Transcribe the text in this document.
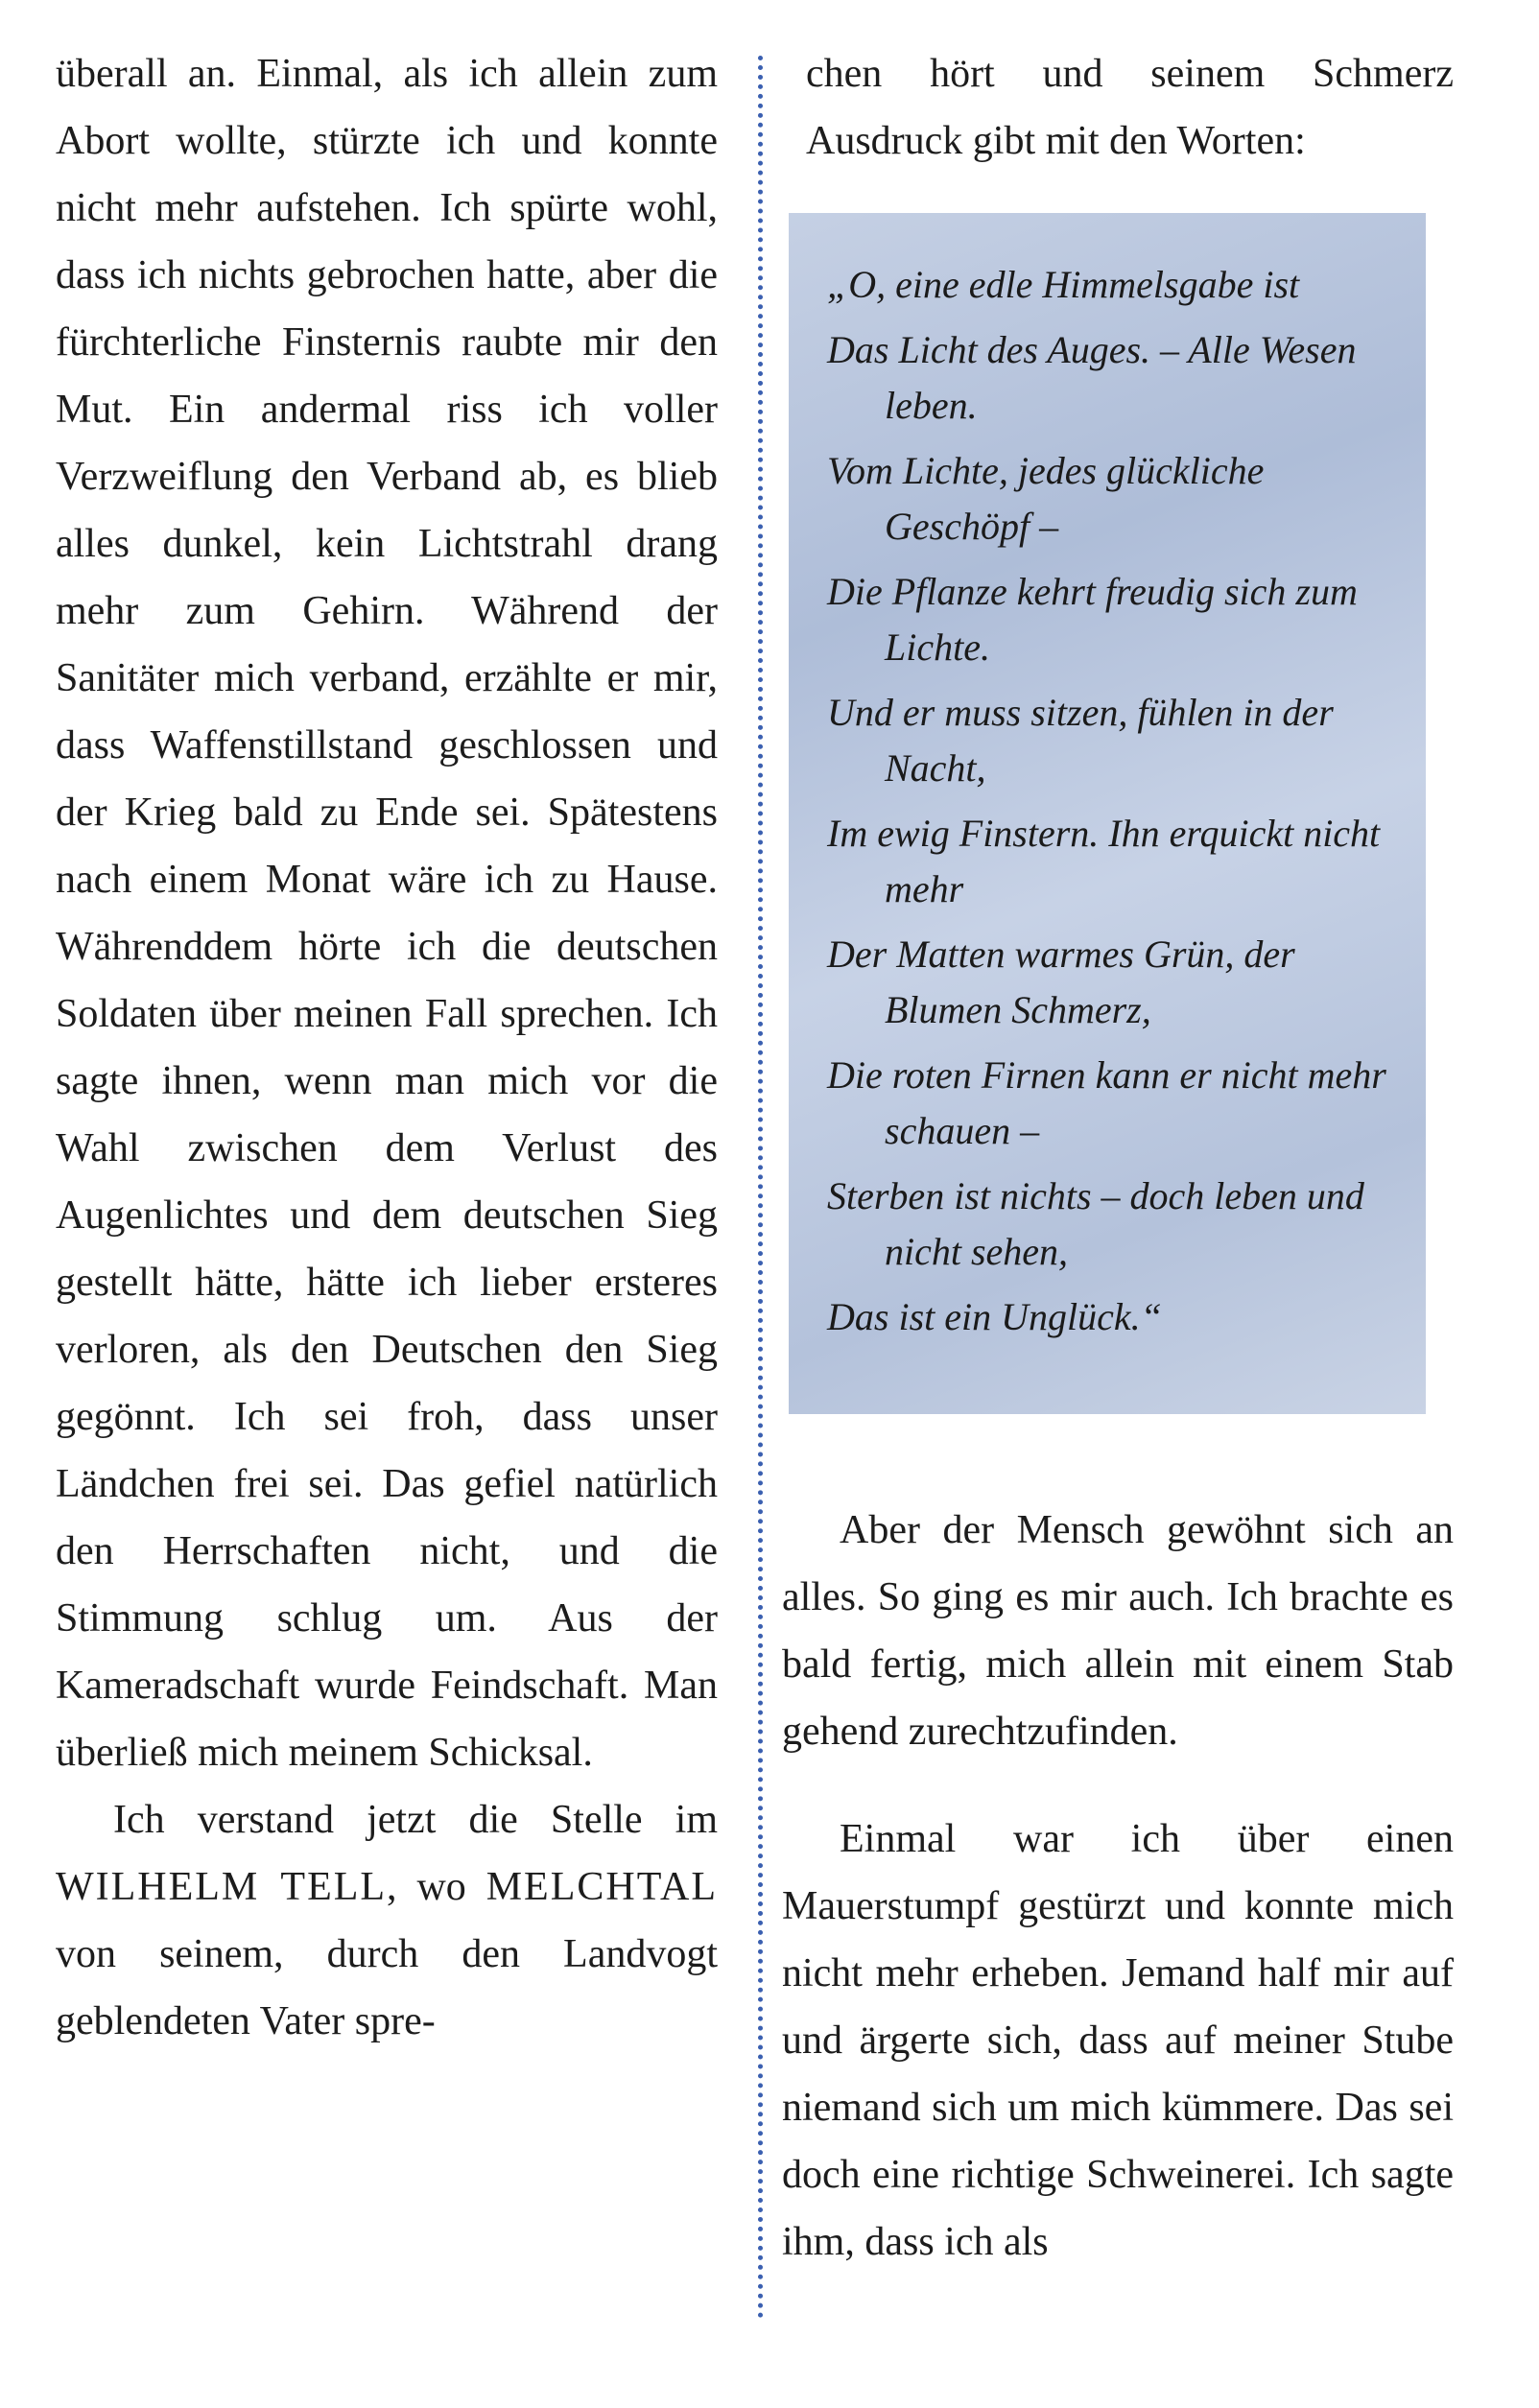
überall an. Einmal, als ich allein zum Abort wollte, stürzte ich und konnte nicht mehr aufstehen. Ich spürte wohl, dass ich nichts gebrochen hatte, aber die fürchterliche Finsternis raubte mir den Mut. Ein andermal riss ich voller Verzweiflung den Verband ab, es blieb alles dunkel, kein Lichtstrahl drang mehr zum Gehirn. Während der Sanitäter mich verband, erzählte er mir, dass Waffenstillstand geschlossen und der Krieg bald zu Ende sei. Spätestens nach einem Monat wäre ich zu Hause. Währenddem hörte ich die deutschen Soldaten über meinen Fall sprechen. Ich sagte ihnen, wenn man mich vor die Wahl zwischen dem Verlust des Augenlichtes und dem deutschen Sieg gestellt hätte, hätte ich lieber ersteres verloren, als den Deutschen den Sieg gegönnt. Ich sei froh, dass unser Ländchen frei sei. Das gefiel natürlich den Herrschaften nicht, und die Stimmung schlug um. Aus der Kameradschaft wurde Feindschaft. Man überließ mich meinem Schicksal.

Ich verstand jetzt die Stelle im WILHELM TELL, wo MELCHTAL von seinem, durch den Landvogt geblendeten Vater spre-

chen hört und seinem Schmerz Ausdruck gibt mit den Worten:

„O, eine edle Himmelsgabe ist
Das Licht des Auges. – Alle Wesen leben.
Vom Lichte, jedes glückliche Geschöpf –
Die Pflanze kehrt freudig sich zum Lichte.
Und er muss sitzen, fühlen in der Nacht,
Im ewig Finstern. Ihn erquickt nicht mehr
Der Matten warmes Grün, der Blumen Schmerz,
Die roten Firnen kann er nicht mehr schauen –
Sterben ist nichts – doch leben und nicht sehen,
Das ist ein Unglück.“

Aber der Mensch gewöhnt sich an alles. So ging es mir auch. Ich brachte es bald fertig, mich allein mit einem Stab gehend zurechtzufinden.

Einmal war ich über einen Mauerstumpf gestürzt und konnte mich nicht mehr erheben. Jemand half mir auf und ärgerte sich, dass auf meiner Stube niemand sich um mich kümmere. Das sei doch eine richtige Schweinerei. Ich sagte ihm, dass ich als
